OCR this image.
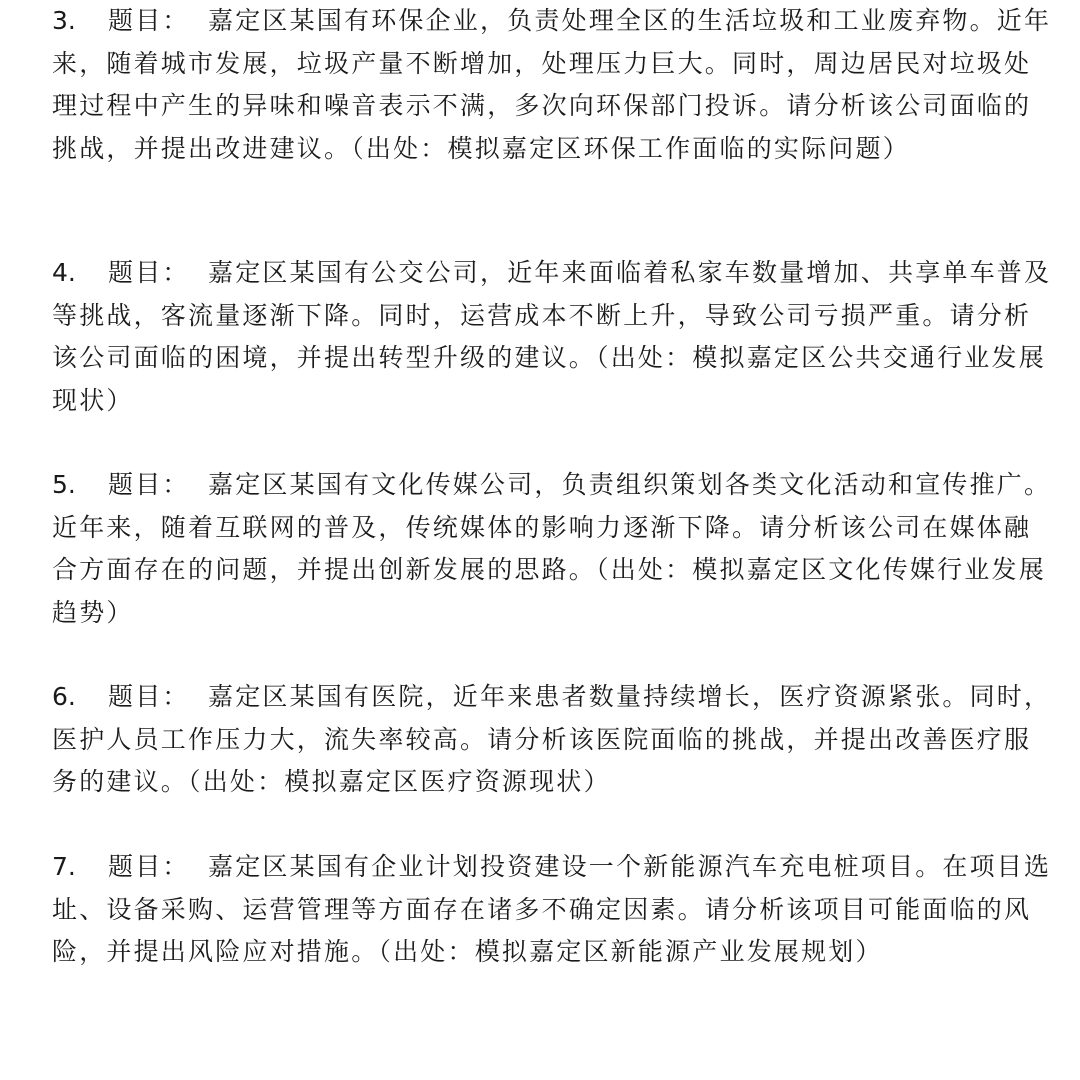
3. 题目： 嘉定区某国有环保企业，负责处理全区的生活垃圾和工业废弃物。近年来，随着城市发展，垃圾产量不断增加，处理压力巨大。同时，周边居民对垃圾处理过程中产生的异味和噪音表示不满，多次向环保部门投诉。请分析该公司面临的挑战，并提出改进建议。（出处：模拟嘉定区环保工作面临的实际问题）

4. 题目： 嘉定区某国有公交公司，近年来面临着私家车数量增加、共享单车普及等挑战，客流量逐渐下降。同时，运营成本不断上升，导致公司亏损严重。请分析该公司面临的困境，并提出转型升级的建议。（出处：模拟嘉定区公共交通行业发展现状）

5. 题目： 嘉定区某国有文化传媒公司，负责组织策划各类文化活动和宣传推广。近年来，随着互联网的普及，传统媒体的影响力逐渐下降。请分析该公司在媒体融合方面存在的问题，并提出创新发展的思路。（出处：模拟嘉定区文化传媒行业发展趋势）

6. 题目： 嘉定区某国有医院，近年来患者数量持续增长，医疗资源紧张。同时，医护人员工作压力大，流失率较高。请分析该医院面临的挑战，并提出改善医疗服务的建议。（出处：模拟嘉定区医疗资源现状）

7. 题目： 嘉定区某国有企业计划投资建设一个新能源汽车充电桩项目。在项目选址、设备采购、运营管理等方面存在诸多不确定因素。请分析该项目可能面临的风险，并提出风险应对措施。（出处：模拟嘉定区新能源产业发展规划）
